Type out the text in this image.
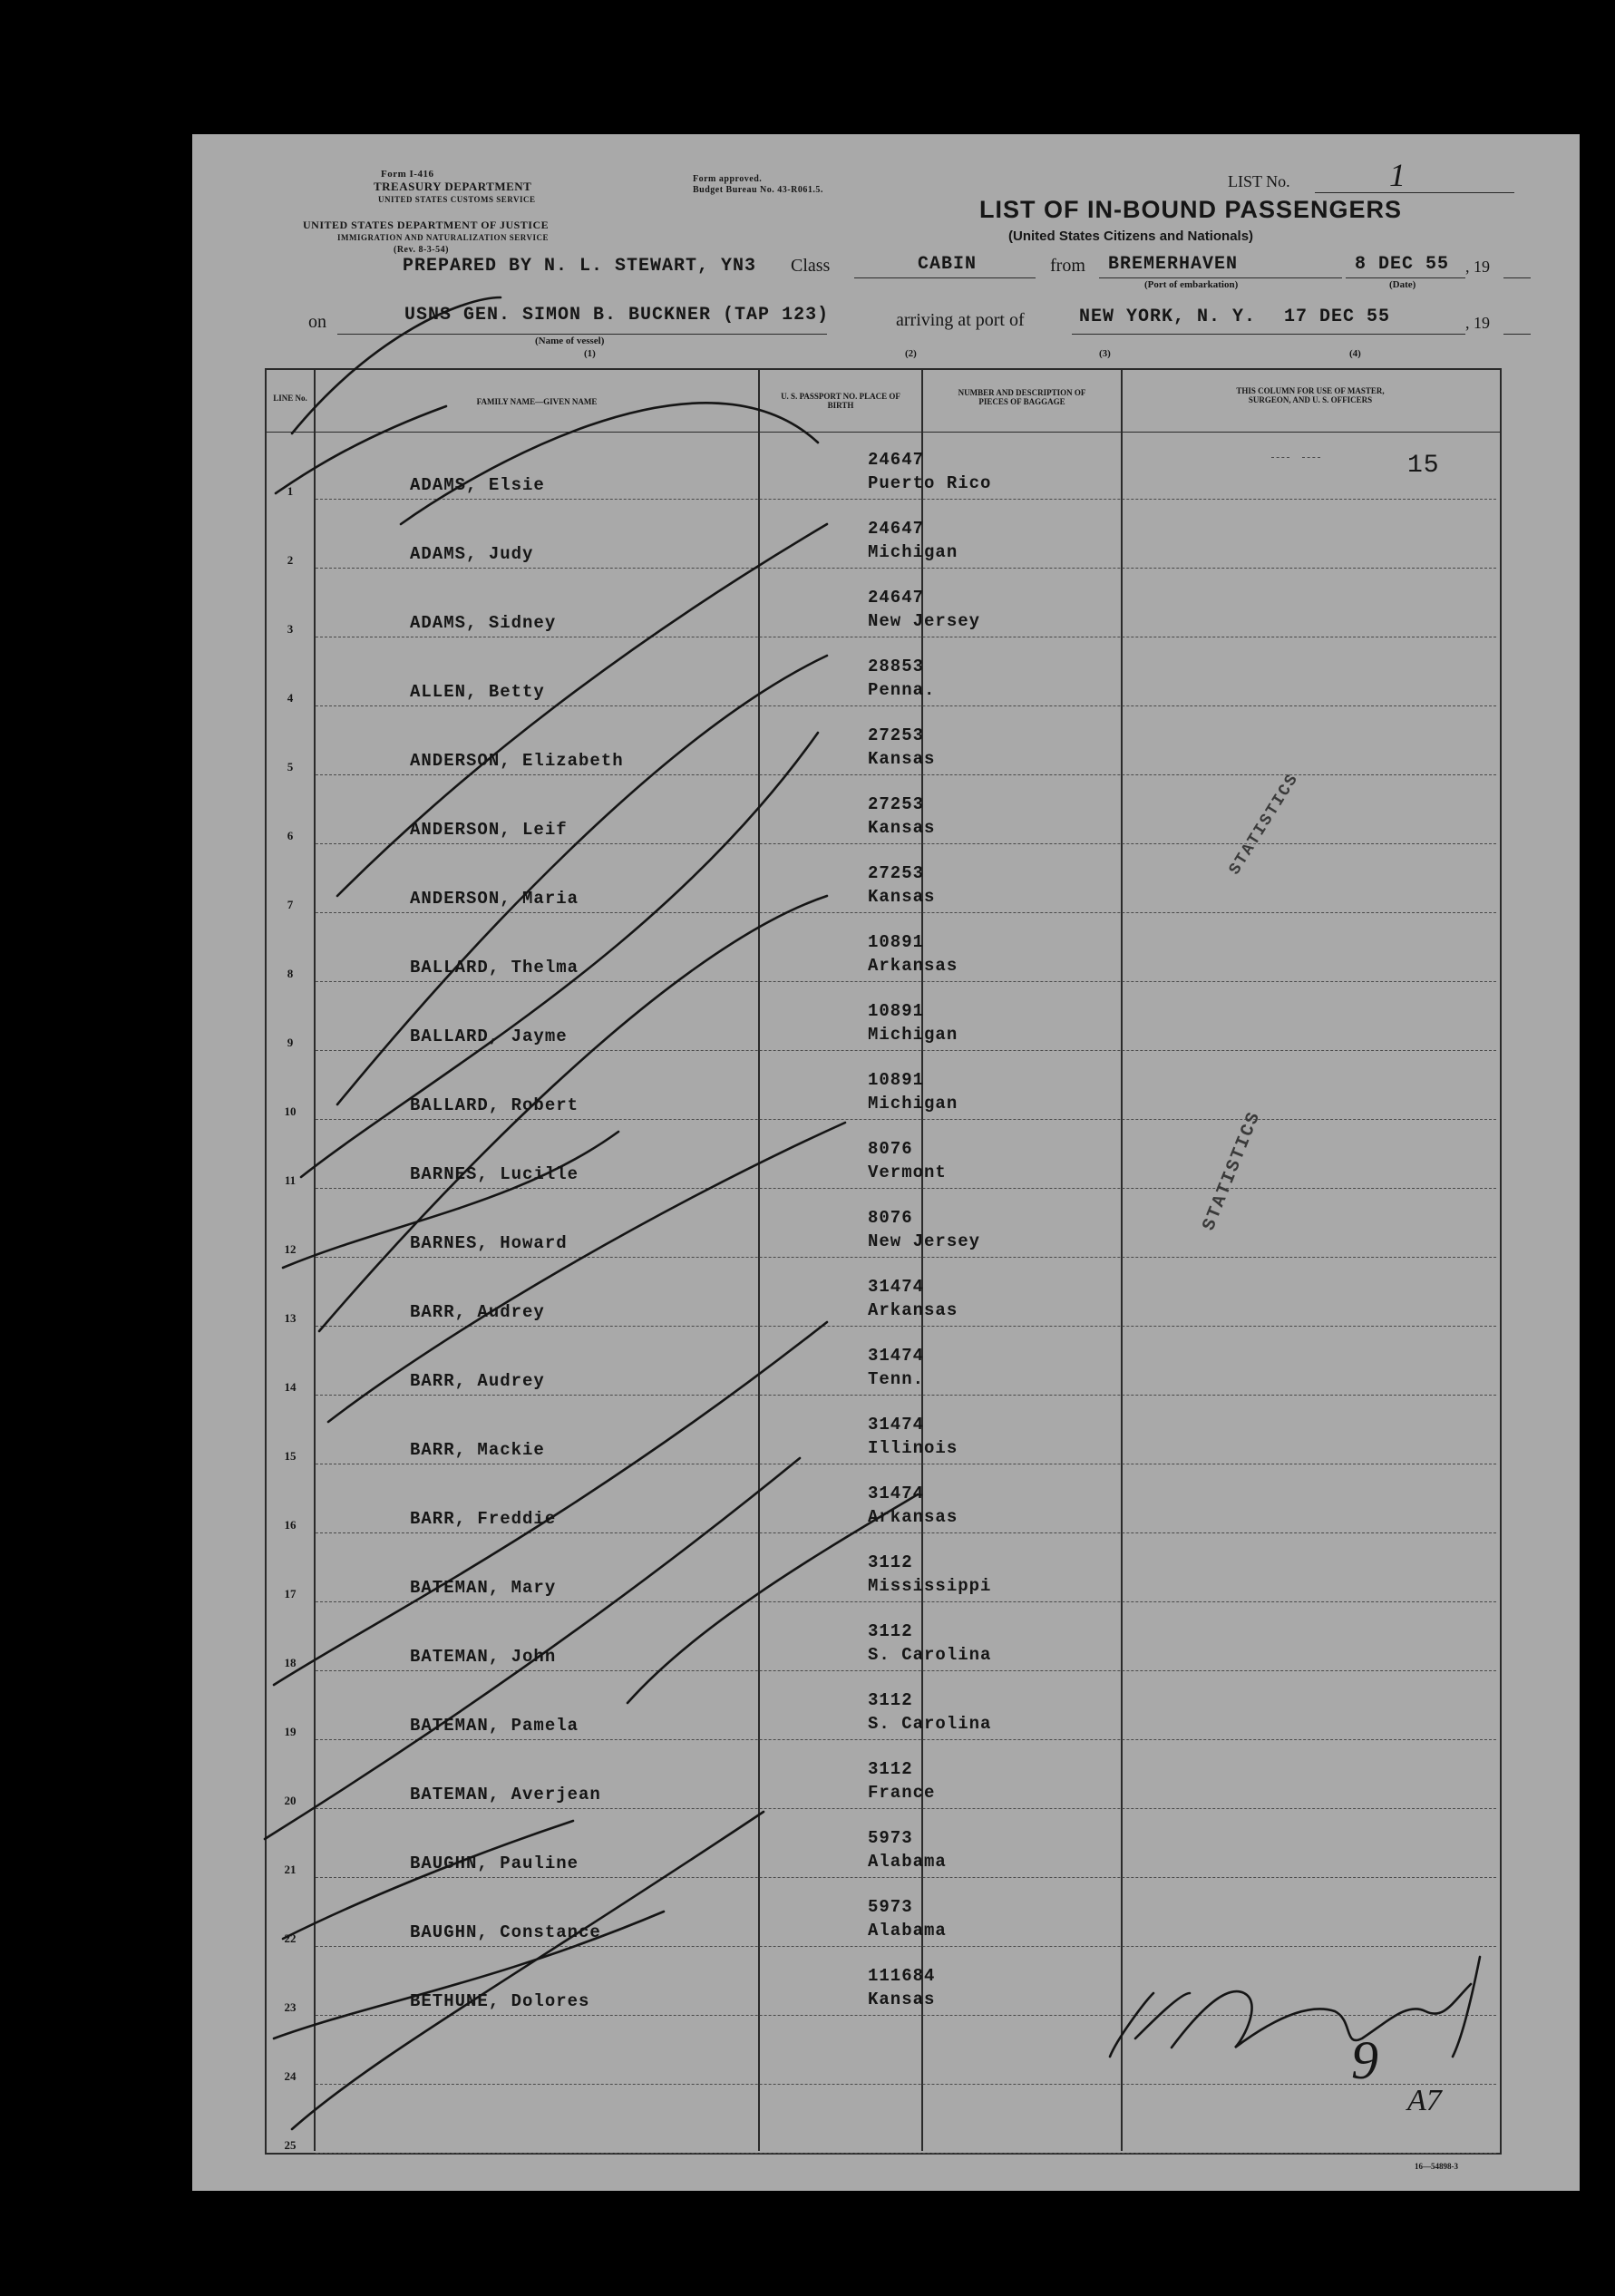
Form I-416
TREASURY DEPARTMENT
UNITED STATES CUSTOMS SERVICE
UNITED STATES DEPARTMENT OF JUSTICE
IMMIGRATION AND NATURALIZATION SERVICE
(Rev. 8-3-54)
Form approved.
Budget Bureau No. 43-R061.5.	LIST No.	1
LIST OF IN-BOUND PASSENGERS
(United States Citizens and Nationals)
PREPARED BY N. L. STEWART, YN3 Class	CABIN	from BREMERHAVEN
(Port of embarkation)
8 DEC 55
(Date)
, 19
on	USNS GEN. SIMON B. BUCKNER (TAP 123)
(Name of vessel)
arriving at port of	NEW YORK, N. Y. 17 DEC 55	, 19
(1)	(2)	(3)	(4)
LINE No.	FAMILY NAME—GIVEN NAME
U. S. PASSPORT NO. PLACE OF BIRTH
NUMBER AND DESCRIPTION OF PIECES OF BAGGAGE
THIS COLUMN FOR USE OF MASTER, SURGEON, AND U. S. OFFICERS
15
1	ADAMS, Elsie
24647
Puerto Rico
2	ADAMS, Judy
24647
Michigan
3	ADAMS, Sidney
24647
New Jersey
4	ALLEN, Betty
28853
Penna.
5	ANDERSON, Elizabeth
27253
Kansas
6	ANDERSON, Leif
27253
Kansas
7	ANDERSON, Maria
27253
Kansas
8	BALLARD, Thelma
10891
Arkansas
9	BALLARD, Jayme
10891
Michigan
10	BALLARD, Robert
10891
Michigan
11	BARNES, Lucille
8076
Vermont
12	BARNES, Howard
8076
New Jersey
13	BARR, Audrey
31474
Arkansas
14	BARR, Audrey
31474
Tenn.
15	BARR, Mackie
31474
Illinois
16	BARR, Freddie
31474
Arkansas
17	BATEMAN, Mary
3112
Mississippi
18	BATEMAN, John
3112
S. Carolina
19	BATEMAN, Pamela
3112
S. Carolina
20	BATEMAN, Averjean
3112
France
21	BAUGHN, Pauline
5973
Alabama
22	BAUGHN, Constance
5973
Alabama
23	BETHUNE, Dolores
111684
Kansas
24
25
STATISTICS
STATISTICS
9
A7
16—54898-3
